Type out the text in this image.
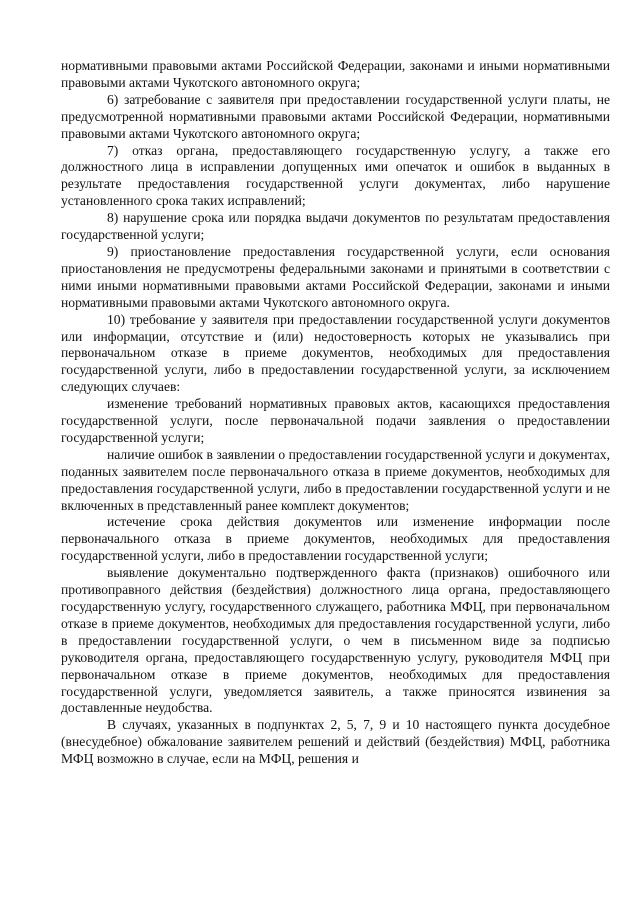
нормативными правовыми актами Российской Федерации, законами и иными нормативными правовыми актами Чукотского автономного округа;

6) затребование с заявителя при предоставлении государственной услуги платы, не предусмотренной нормативными правовыми актами Российской Федерации, нормативными правовыми актами Чукотского автономного округа;

7) отказ органа, предоставляющего государственную услугу, а также его должностного лица в исправлении допущенных ими опечаток и ошибок в выданных в результате предоставления государственной услуги документах, либо нарушение установленного срока таких исправлений;

8) нарушение срока или порядка выдачи документов по результатам предоставления государственной услуги;

9) приостановление предоставления государственной услуги, если основания приостановления не предусмотрены федеральными законами и принятыми в соответствии с ними иными нормативными правовыми актами Российской Федерации, законами и иными нормативными правовыми актами Чукотского автономного округа.

10) требование у заявителя при предоставлении государственной услуги документов или информации, отсутствие и (или) недостоверность которых не указывались при первоначальном отказе в приеме документов, необходимых для предоставления государственной услуги, либо в предоставлении государственной услуги, за исключением следующих случаев:

изменение требований нормативных правовых актов, касающихся предоставления государственной услуги, после первоначальной подачи заявления о предоставлении государственной услуги;

наличие ошибок в заявлении о предоставлении государственной услуги и документах, поданных заявителем после первоначального отказа в приеме документов, необходимых для предоставления государственной услуги, либо в предоставлении государственной услуги и не включенных в представленный ранее комплект документов;

истечение срока действия документов или изменение информации после первоначального отказа в приеме документов, необходимых для предоставления государственной услуги, либо в предоставлении государственной услуги;

выявление документально подтвержденного факта (признаков) ошибочного или противоправного действия (бездействия) должностного лица органа, предоставляющего государственную услугу, государственного служащего, работника МФЦ, при первоначальном отказе в приеме документов, необходимых для предоставления государственной услуги, либо в предоставлении государственной услуги, о чем в письменном виде за подписью руководителя органа, предоставляющего государственную услугу, руководителя МФЦ при первоначальном отказе в приеме документов, необходимых для предоставления государственной услуги, уведомляется заявитель, а также приносятся извинения за доставленные неудобства.

В случаях, указанных в подпунктах 2, 5, 7, 9 и 10 настоящего пункта досудебное (внесудебное) обжалование заявителем решений и действий (бездействия) МФЦ, работника МФЦ возможно в случае, если на МФЦ, решения и
